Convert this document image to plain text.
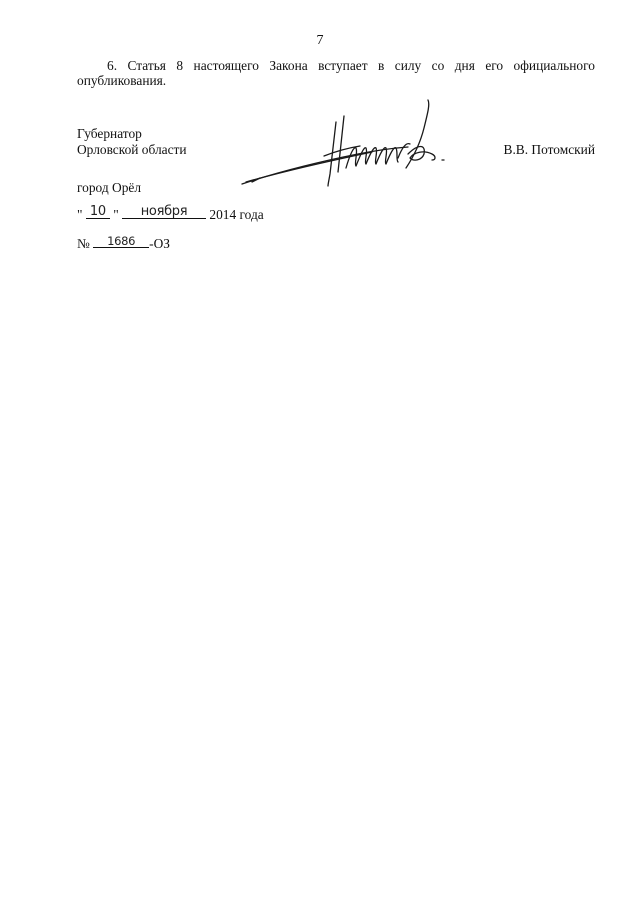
7

6. Статья 8 настоящего Закона вступает в силу со дня его официального
опубликования.

Губернатор
Орловской области	В.В. Потомский
город Орёл
" 10 "	ноября	2014 года
№	1686	-ОЗ
